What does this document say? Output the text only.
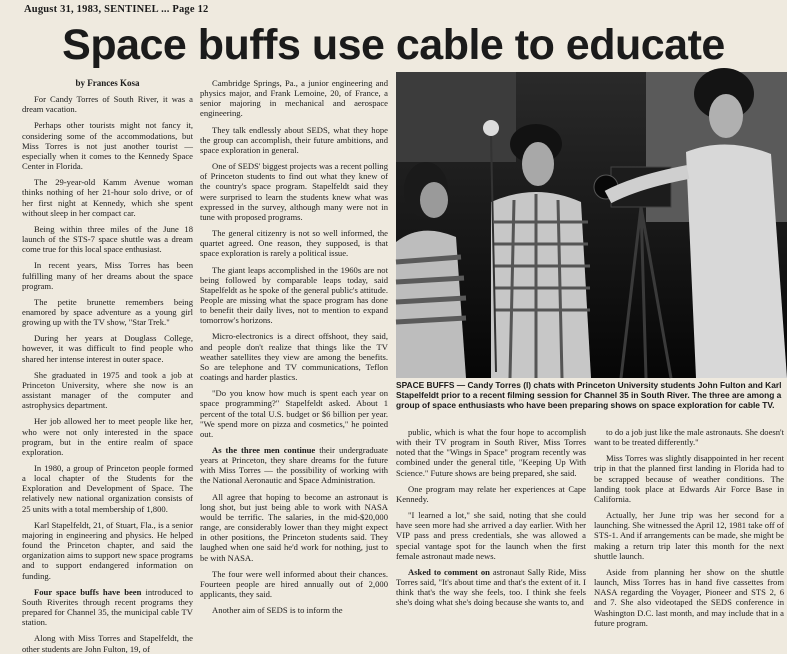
August 31, 1983, SENTINEL ... Page 12
Space buffs use cable to educate

by Frances Kosa

For Candy Torres of South River, it was a dream vacation.

Perhaps other tourists might not fancy it, considering some of the accommodations, but Miss Torres is not just another tourist — especially when it comes to the Kennedy Space Center in Florida.

The 29-year-old Kamm Avenue woman thinks nothing of her 21-hour solo drive, or of her first night at Kennedy, which she spent without sleep in her compact car.

Being within three miles of the June 18 launch of the STS-7 space shuttle was a dream come true for this local space enthusiast.

In recent years, Miss Torres has been fulfilling many of her dreams about the space program.

The petite brunette remembers being enamored by space adventure as a young girl growing up with the TV show, "Star Trek."

During her years at Douglass College, however, it was difficult to find people who shared her intense interest in outer space.

She graduated in 1975 and took a job at Princeton University, where she now is an assistant manager of the computer and astrophysics department.

Her job allowed her to meet people like her, who were not only interested in the space program, but in the entire realm of space exploration.

In 1980, a group of Princeton people formed a local chapter of the Students for the Exploration and Development of Space. The relatively new national organization consists of 25 units with a total membership of 1,800.

Karl Stapelfeldt, 21, of Stuart, Fla., is a senior majoring in engineering and physics. He helped found the Princeton chapter, and said the organization aims to support new space programs and to support endangered information on funding.

Four space buffs have been introduced to South Riverites through recent programs they prepared for Channel 35, the municipal cable TV station.

Along with Miss Torres and Stapelfeldt, the other students are John Fulton, 19, of

Cambridge Springs, Pa., a junior engineering and physics major, and Frank Lemoine, 20, of France, a senior majoring in mechanical and aerospace engineering.

They talk endlessly about SEDS, what they hope the group can accomplish, their future ambitions, and space exploration in general.

One of SEDS' biggest projects was a recent polling of Princeton students to find out what they knew of the country's space program. Stapelfeldt said they were surprised to learn the students knew what was expressed in the survey, although many were not in tune with proposed programs.

The general citizenry is not so well informed, the quartet agreed. One reason, they supposed, is that space exploration is rarely a political issue.

The giant leaps accomplished in the 1960s are not being followed by comparable leaps today, said Stapelfeldt as he spoke of the general public's attitude. People are missing what the space program has done to benefit their daily lives, not to mention to expand tomorrow's horizons.

Micro-electronics is a direct offshoot, they said, and people don't realize that things like the TV weather satellites they view are among the benefits. So are telephone and TV communications, Teflon coatings and harder plastics.

"Do you know how much is spent each year on space programming?" Stapelfeldt asked. About 1 percent of the total U.S. budget or $6 billion per year. "We spend more on pizza and cosmetics," he pointed out.

As the three men continue their undergraduate years at Princeton, they share dreams for the future with Miss Torres — the possibility of working with the National Aeronautic and Space Administration.

All agree that hoping to become an astronaut is long shot, but just being able to work with NASA would be terrific. The salaries, in the mid-$20,000 range, are considerably lower than they might expect in other positions, the Princeton students said. They laughed when one said he'd work for nothing, just to be with NASA.

The four were well informed about their chances. Fourteen people are hired annually out of 2,000 applicants, they said.

Another aim of SEDS is to inform the

SPACE BUFFS — Candy Torres (l) chats with Princeton University students John Fulton and Karl Stapelfeldt prior to a recent filming session for Channel 35 in South River. The three are among a group of space enthusiasts who have been preparing shows on space exploration for cable TV.

public, which is what the four hope to accomplish with their TV program in South River, Miss Torres noted that the "Wings in Space" program recently was combined under the general title, "Keeping Up With Science." Future shows are being prepared, she said.

One program may relate her experiences at Cape Kennedy.

"I learned a lot," she said, noting that she could have seen more had she arrived a day earlier. With her VIP pass and press credentials, she was allowed a special vantage spot for the launch when the first female astronaut made news.

Asked to comment on astronaut Sally Ride, Miss Torres said, "It's about time and that's the extent of it. I think that's the way she feels, too. I think she feels she's doing what she's doing because she wants to, and

to do a job just like the male astronauts. She doesn't want to be treated differently."

Miss Torres was slightly disappointed in her recent trip in that the planned first landing in Florida had to be scrapped because of weather conditions. The landing took place at Edwards Air Force Base in California.

Actually, her June trip was her second for a launching. She witnessed the April 12, 1981 take off of STS-1. And if arrangements can be made, she might be making a return trip later this month for the next shuttle launch.

Aside from planning her show on the shuttle launch, Miss Torres has in hand five cassettes from NASA regarding the Voyager, Pioneer and STS 2, 6 and 7. She also videotaped the SEDS conference in Washington D.C. last month, and may include that in a future program.
